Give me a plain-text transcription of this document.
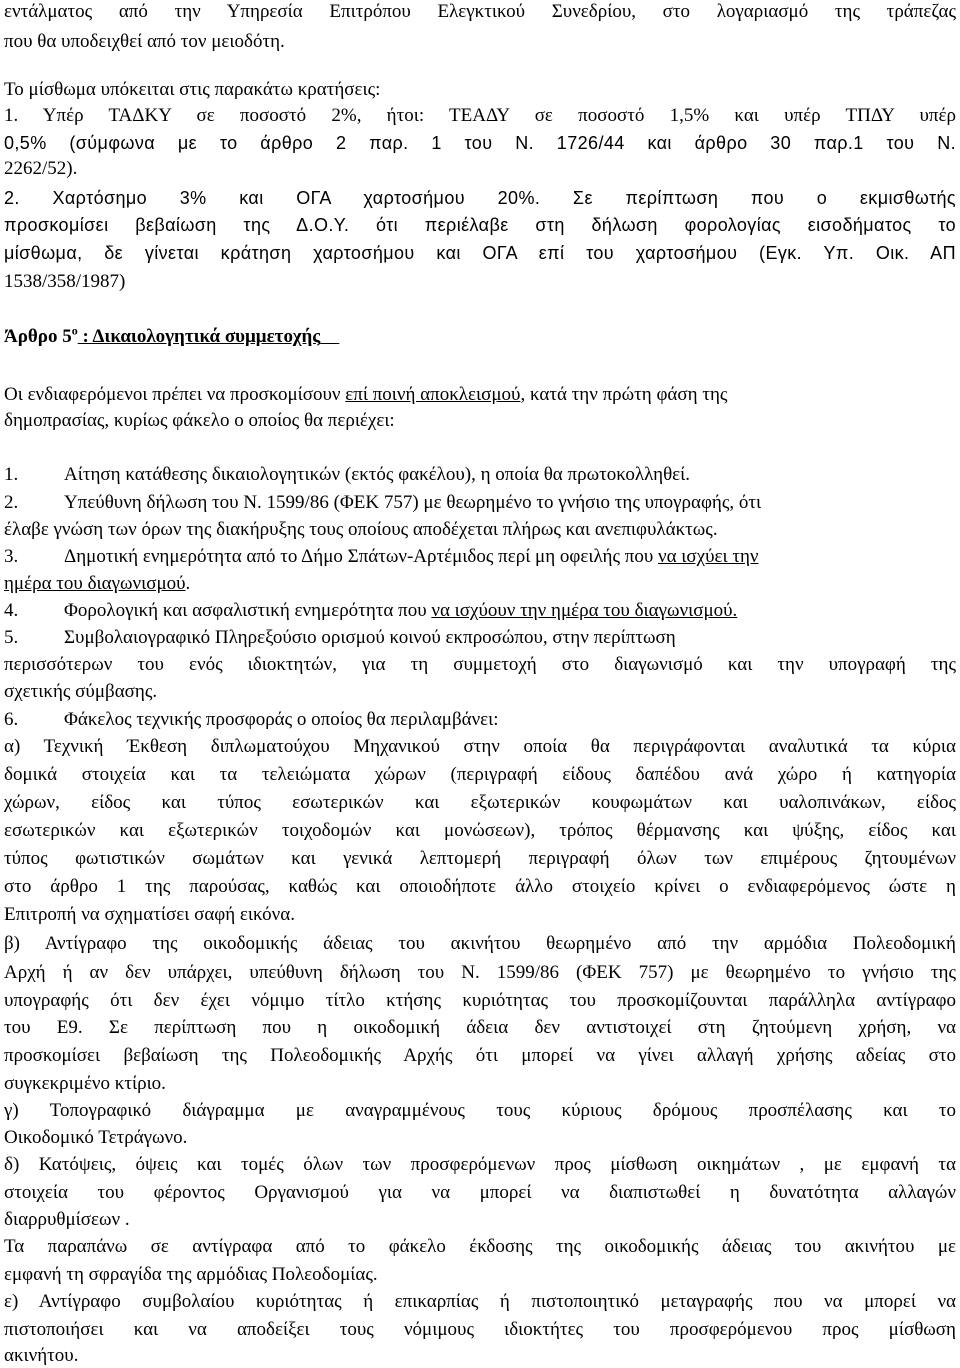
εντάλματος από την Υπηρεσία Επιτρόπου Ελεγκτικού Συνεδρίου, στο λογαριασμό της τράπεζας

που θα υποδειχθεί από τον μειοδότη.

Το μίσθωμα υπόκειται στις παρακάτω κρατήσεις:

1. Υπέρ ΤΑΔΚΥ σε ποσοστό 2%, ήτοι: ΤΕΑΔΥ σε ποσοστό 1,5% και υπέρ ΤΠΔΥ υπέρ

0,5% (σύμφωνα με το άρθρο 2 παρ. 1 του Ν. 1726/44 και άρθρο 30 παρ.1 του Ν.

2262/52).

2. Χαρτόσημο 3% και ΟΓΑ χαρτοσήμου 20%. Σε περίπτωση που ο εκμισθωτής

προσκομίσει βεβαίωση της Δ.Ο.Υ. ότι περιέλαβε στη δήλωση φορολογίας εισοδήματος το

μίσθωμα, δε γίνεται κράτηση χαρτοσήμου και ΟΓΑ επί του χαρτοσήμου (Εγκ. Υπ. Οικ. ΑΠ

1538/358/1987)

Άρθρο $5^o$ : Δικαιολογητικά συμμετοχής

Οι ενδιαφερόμενοι πρέπει να προσκομίσουν επί ποινή αποκλεισμού, κατά την πρώτη φάση της

δημοπρασίας, κυρίως φάκελο ο οποίος θα περιέχει:

1. Αίτηση κατάθεσης δικαιολογητικών (εκτός φακέλου), η οποία θα πρωτοκολληθεί.

2. Υπεύθυνη δήλωση του Ν. 1599/86 (ΦΕΚ 757) με θεωρημένο το γνήσιο της υπογραφής, ότι

έλαβε γνώση των όρων της διακήρυξης τους οποίους αποδέχεται πλήρως και ανεπιφυλάκτως.

3. Δημοτική ενημερότητα από το Δήμο Σπάτων-Αρτέμιδος περί μη οφειλής που να ισχύει την

ημέρα του διαγωνισμού.

4. Φορολογική και ασφαλιστική ενημερότητα που να ισχύουν την ημέρα του διαγωνισμού.

5. Συμβολαιογραφικό Πληρεξούσιο ορισμού κοινού εκπροσώπου, στην περίπτωση

περισσότερων του ενός ιδιοκτητών, για τη συμμετοχή στο διαγωνισμό και την υπογραφή της

σχετικής σύμβασης.

6. Φάκελος τεχνικής προσφοράς ο οποίος θα περιλαμβάνει:

α) Τεχνική Έκθεση διπλωματούχου Μηχανικού στην οποία θα περιγράφονται αναλυτικά τα κύρια

δομικά στοιχεία και τα τελειώματα χώρων (περιγραφή είδους δαπέδου ανά χώρο ή κατηγορία

χώρων, είδος και τύπος εσωτερικών και εξωτερικών κουφωμάτων και υαλοπινάκων, είδος

εσωτερικών και εξωτερικών τοιχοδομών και μονώσεων), τρόπος θέρμανσης και ψύξης, είδος και

τύπος φωτιστικών σωμάτων και γενικά λεπτομερή περιγραφή όλων των επιμέρους ζητουμένων

στο άρθρο 1 της παρούσας, καθώς και οποιοδήποτε άλλο στοιχείο κρίνει ο ενδιαφερόμενος ώστε η

Επιτροπή να σχηματίσει σαφή εικόνα.

β) Αντίγραφο της οικοδομικής άδειας του ακινήτου θεωρημένο από την αρμόδια Πολεοδομική

Αρχή ή αν δεν υπάρχει, υπεύθυνη δήλωση του Ν. 1599/86 (ΦΕΚ 757) με θεωρημένο το γνήσιο της

υπογραφής ότι δεν έχει νόμιμο τίτλο κτήσης κυριότητας του προσκομίζουνται παράλληλα αντίγραφο

του Ε9. Σε περίπτωση που η οικοδομική άδεια δεν αντιστοιχεί στη ζητούμενη χρήση, να

προσκομίσει βεβαίωση της Πολεοδομικής Αρχής ότι μπορεί να γίνει αλλαγή χρήσης αδείας στο

συγκεκριμένο κτίριο.

γ) Τοπογραφικό διάγραμμα με αναγραμμένους τους κύριους δρόμους προσπέλασης και το

Οικοδομικό Τετράγωνο.

δ) Κατόψεις, όψεις και τομές όλων των προσφερόμενων προς μίσθωση οικημάτων , με εμφανή τα

στοιχεία του φέροντος Οργανισμού για να μπορεί να διαπιστωθεί η δυνατότητα αλλαγών

διαρρυθμίσεων .

Τα παραπάνω σε αντίγραφα από το φάκελο έκδοσης της οικοδομικής άδειας του ακινήτου με

εμφανή τη σφραγίδα της αρμόδιας Πολεοδομίας.

ε) Αντίγραφο συμβολαίου κυριότητας ή επικαρπίας ή πιστοποιητικό μεταγραφής που να μπορεί να

πιστοποιήσει και να αποδείξει τους νόμιμους ιδιοκτήτες του προσφερόμενου προς μίσθωση

ακινήτου.
